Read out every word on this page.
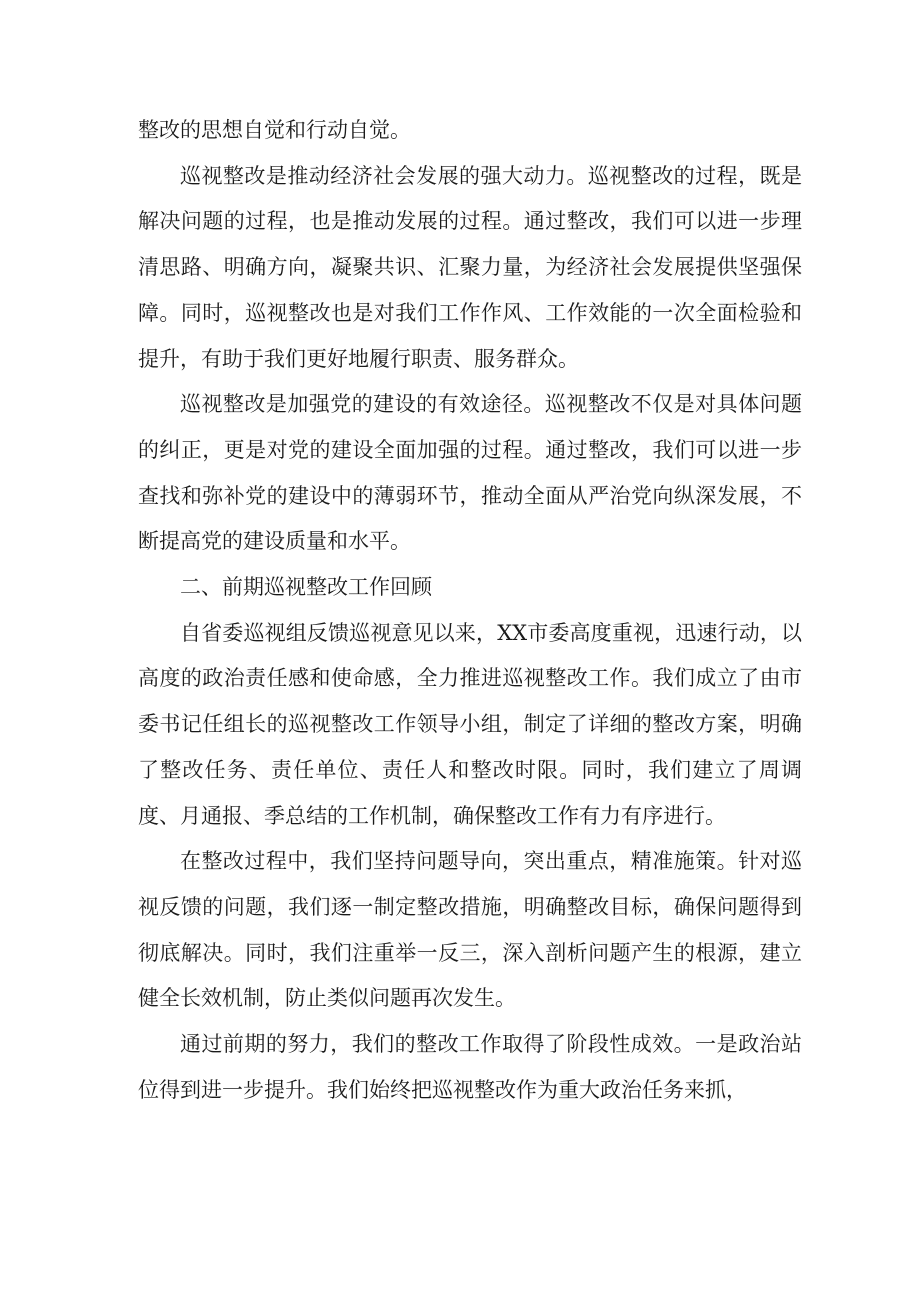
整改的思想自觉和行动自觉。

巡视整改是推动经济社会发展的强大动力。巡视整改的过程，既是解决问题的过程，也是推动发展的过程。通过整改，我们可以进一步理清思路、明确方向，凝聚共识、汇聚力量，为经济社会发展提供坚强保障。同时，巡视整改也是对我们工作作风、工作效能的一次全面检验和提升，有助于我们更好地履行职责、服务群众。

巡视整改是加强党的建设的有效途径。巡视整改不仅是对具体问题的纠正，更是对党的建设全面加强的过程。通过整改，我们可以进一步查找和弥补党的建设中的薄弱环节，推动全面从严治党向纵深发展，不断提高党的建设质量和水平。

二、前期巡视整改工作回顾

自省委巡视组反馈巡视意见以来，XX市委高度重视，迅速行动，以高度的政治责任感和使命感，全力推进巡视整改工作。我们成立了由市委书记任组长的巡视整改工作领导小组，制定了详细的整改方案，明确了整改任务、责任单位、责任人和整改时限。同时，我们建立了周调度、月通报、季总结的工作机制，确保整改工作有力有序进行。

在整改过程中，我们坚持问题导向，突出重点，精准施策。针对巡视反馈的问题，我们逐一制定整改措施，明确整改目标，确保问题得到彻底解决。同时，我们注重举一反三，深入剖析问题产生的根源，建立健全长效机制，防止类似问题再次发生。

通过前期的努力，我们的整改工作取得了阶段性成效。一是政治站位得到进一步提升。我们始终把巡视整改作为重大政治任务来抓，
